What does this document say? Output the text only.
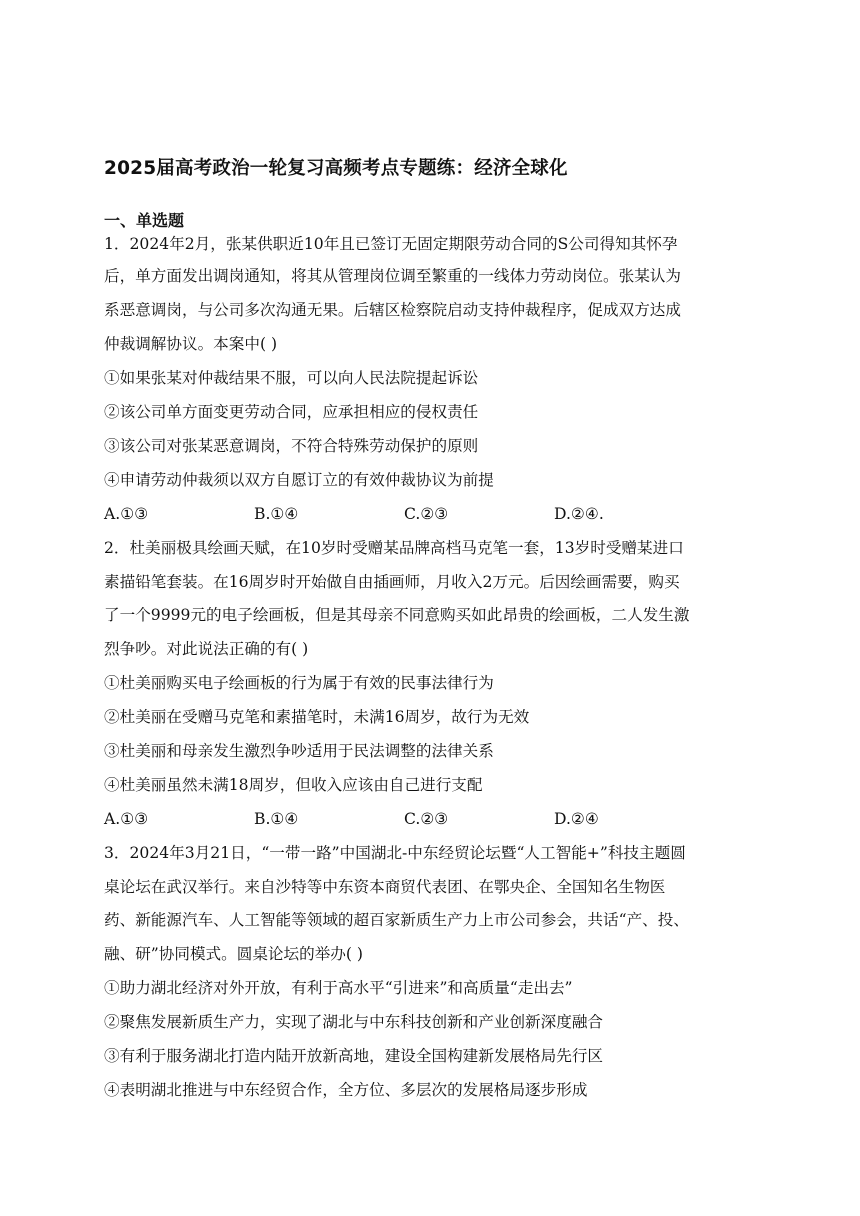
2025届高考政治一轮复习高频考点专题练：经济全球化
一、单选题
1．2024年2月，张某供职近10年且已签订无固定期限劳动合同的S公司得知其怀孕
后，单方面发出调岗通知，将其从管理岗位调至繁重的一线体力劳动岗位。张某认为
系恶意调岗，与公司多次沟通无果。后辖区检察院启动支持仲裁程序，促成双方达成
仲裁调解协议。本案中( )
①如果张某对仲裁结果不服，可以向人民法院提起诉讼
②该公司单方面变更劳动合同，应承担相应的侵权责任
③该公司对张某恶意调岗，不符合特殊劳动保护的原则
④申请劳动仲裁须以双方自愿订立的有效仲裁协议为前提
A.①③	B.①④	C.②③	D.②④.
2．杜美丽极具绘画天赋，在10岁时受赠某品牌高档马克笔一套，13岁时受赠某进口
素描铅笔套装。在16周岁时开始做自由插画师，月收入2万元。后因绘画需要，购买
了一个9999元的电子绘画板，但是其母亲不同意购买如此昂贵的绘画板，二人发生激
烈争吵。对此说法正确的有( )
①杜美丽购买电子绘画板的行为属于有效的民事法律行为
②杜美丽在受赠马克笔和素描笔时，未满16周岁，故行为无效
③杜美丽和母亲发生激烈争吵适用于民法调整的法律关系
④杜美丽虽然未满18周岁，但收入应该由自己进行支配
A.①③	B.①④	C.②③	D.②④
3．2024年3月21日，“一带一路”中国湖北-中东经贸论坛暨“人工智能+”科技主题圆
桌论坛在武汉举行。来自沙特等中东资本商贸代表团、在鄂央企、全国知名生物医
药、新能源汽车、人工智能等领域的超百家新质生产力上市公司参会，共话“产、投、
融、研”协同模式。圆桌论坛的举办( )
①助力湖北经济对外开放，有利于高水平“引进来”和高质量“走出去”
②聚焦发展新质生产力，实现了湖北与中东科技创新和产业创新深度融合
③有利于服务湖北打造内陆开放新高地，建设全国构建新发展格局先行区
④表明湖北推进与中东经贸合作，全方位、多层次的发展格局逐步形成
